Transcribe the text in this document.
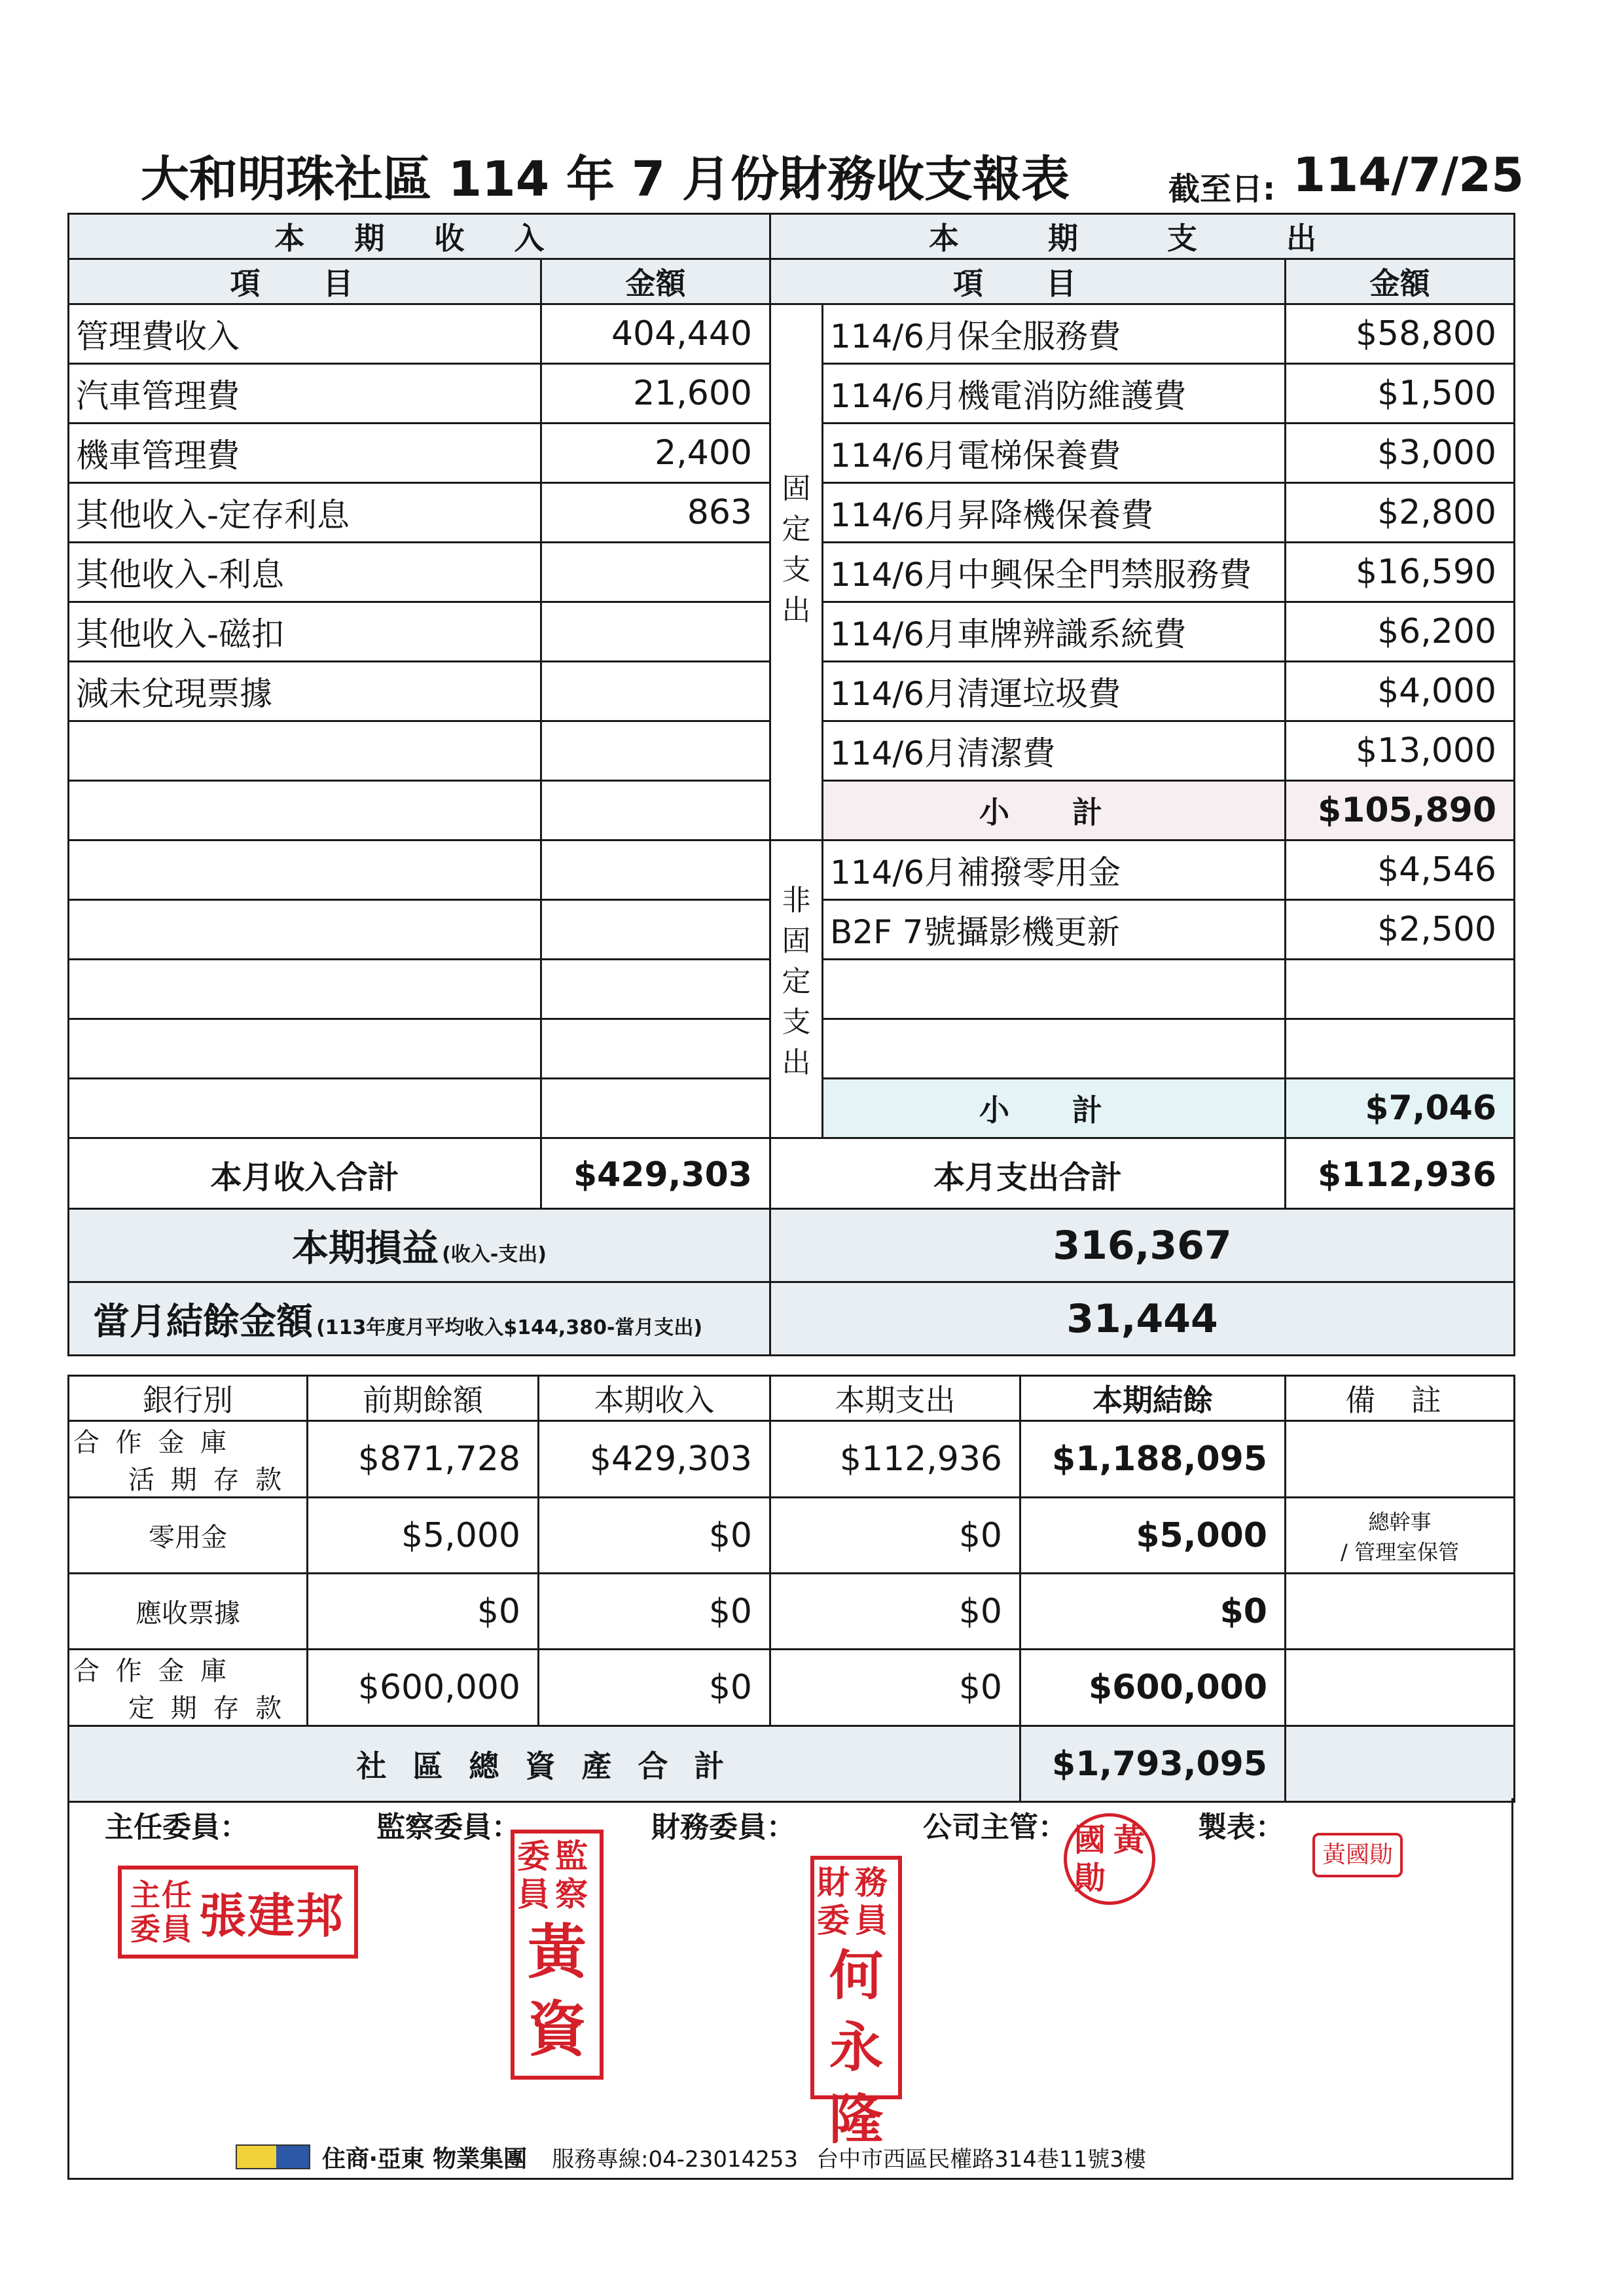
大和明珠社區 114 年 7 月份財務收支報表	截至日: 114/7/25
本 期 收 入	
項 目	金額
管理費收入	404,440
汽車管理費	21,600
機車管理費	2,400
其他收入-定存利息	863
其他收入-利息	
其他收入-磁扣	
減未兌現票據	

本月收入合計	$429,303
本 期 支 出		
項 目		金額
固定支出	114/6月保全服務費	$58,800
	114/6月機電消防維護費	$1,500
	114/6月電梯保養費	$3,000
	114/6月昇降機保養費	$2,800
	114/6月中興保全門禁服務費	$16,590
	114/6月車牌辨識系統費	$6,200
	114/6月清運垃圾費	$4,000
	114/6月清潔費	$13,000
	小 計	$105,890
非固定支出	114/6月補撥零用金	$4,546
	B2F 7號攝影機更新	$2,500

	小 計	$7,046
本月支出合計		$112,936
本期損益 (收入-支出)	316,367
當月結餘金額 (113年度月平均收入$144,380-當月支出)	31,444
銀行別	前期餘額	本期收入	本期支出	本期結餘	備 註

合 作 金 庫
活 期 存 款	$871,728	$429,303	$112,936	$1,188,095	
零用金	$5,000	$0	$0	$5,000	總幹事
/ 管理室保管

應收票據	$0	$0	$0	$0	

合 作 金 庫
定 期 存 款	$600,000	$0	$0	$600,000	
社 區 總 資 產 合 計				$1,793,095	
主任委員：	監察委員：	財務委員：	公司主管：	製表：
主 任
委 員 張建邦
委 監
員 察
黃
資

財 務
委 員
何
永
隆
國 黃
勛
黃國勛
住商‧亞東 物業集團 服務專線:04-23014253 台中市西區民權路314巷11號3樓
